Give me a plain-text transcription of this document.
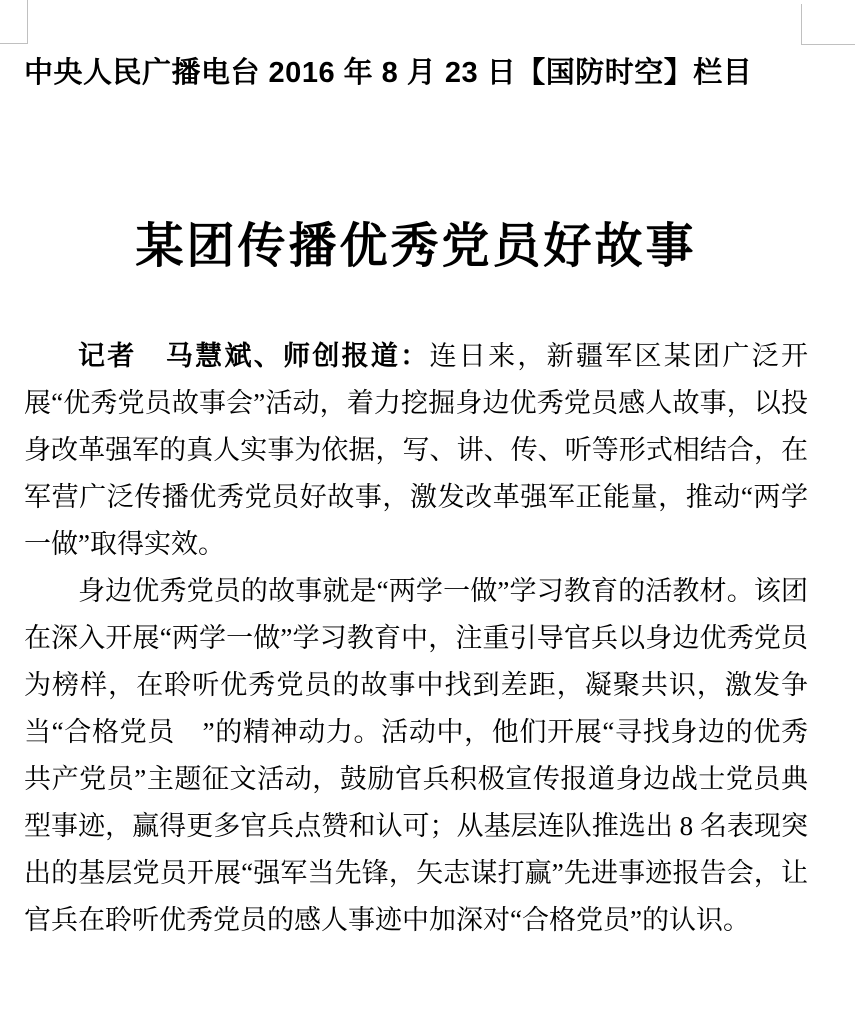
中央人民广播电台 2016 年 8 月 23 日【国防时空】栏目
某团传播优秀党员好故事

记者　马慧斌、师创报道：连日来，新疆军区某团广泛开展“优秀党员故事会”活动，着力挖掘身边优秀党员感人故事，以投身改革强军的真人实事为依据，写、讲、传、听等形式相结合，在军营广泛传播优秀党员好故事，激发改革强军正能量，推动“两学一做”取得实效。

身边优秀党员的故事就是“两学一做”学习教育的活教材。该团在深入开展“两学一做”学习教育中，注重引导官兵以身边优秀党员为榜样，在聆听优秀党员的故事中找到差距，凝聚共识，激发争当“合格党员　”的精神动力。活动中，他们开展“寻找身边的优秀共产党员”主题征文活动，鼓励官兵积极宣传报道身边战士党员典型事迹，赢得更多官兵点赞和认可；从基层连队推选出 8 名表现突出的基层党员开展“强军当先锋，矢志谋打赢”先进事迹报告会，让官兵在聆听优秀党员的感人事迹中加深对“合格党员”的认识。
